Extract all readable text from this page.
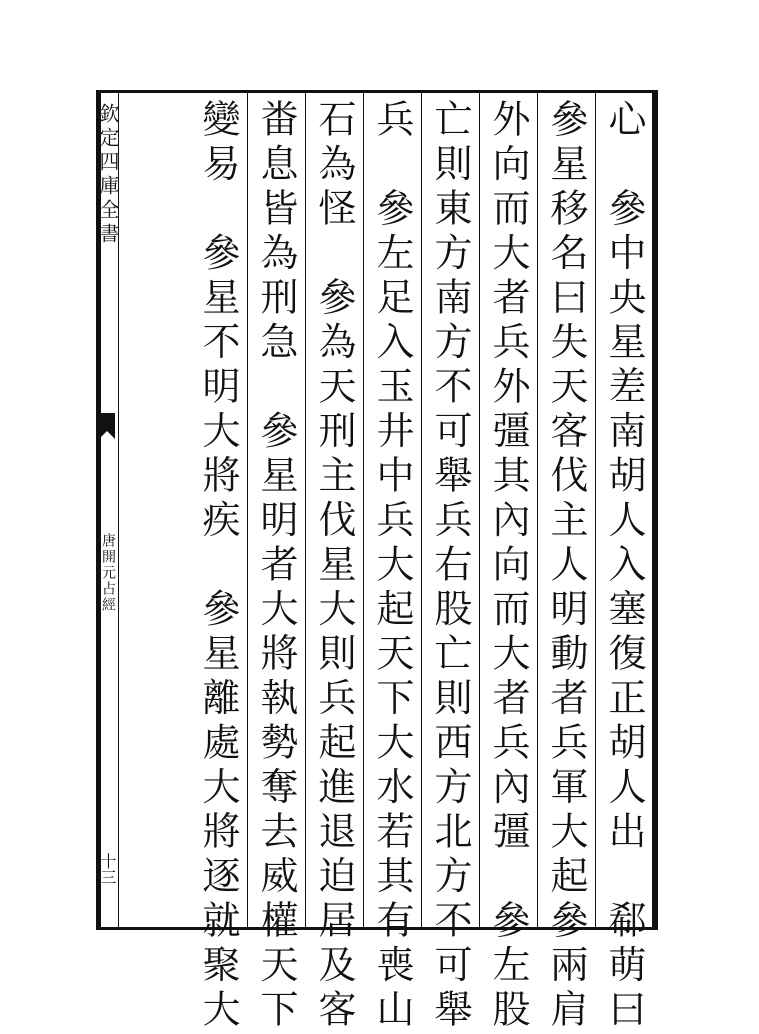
欽定四庫全書
唐開元占經
十三	心　參中央星差南胡人入塞復正胡人出　郗萌曰
參星移名曰失天客伐主人明動者兵軍大起參兩肩
外向而大者兵外彊其內向而大者兵內彊　參左股
亡則東方南方不可舉兵右股亡則西方北方不可舉
兵　參左足入玉井中兵大起天下大水若其有喪山
石為怪　參為天刑主伐星大則兵起進退迫居及客
畨息皆為刑急　參星明者大將執勢奪去威權天下
變易　參星不明大將疾　參星離處大將逐就聚大
